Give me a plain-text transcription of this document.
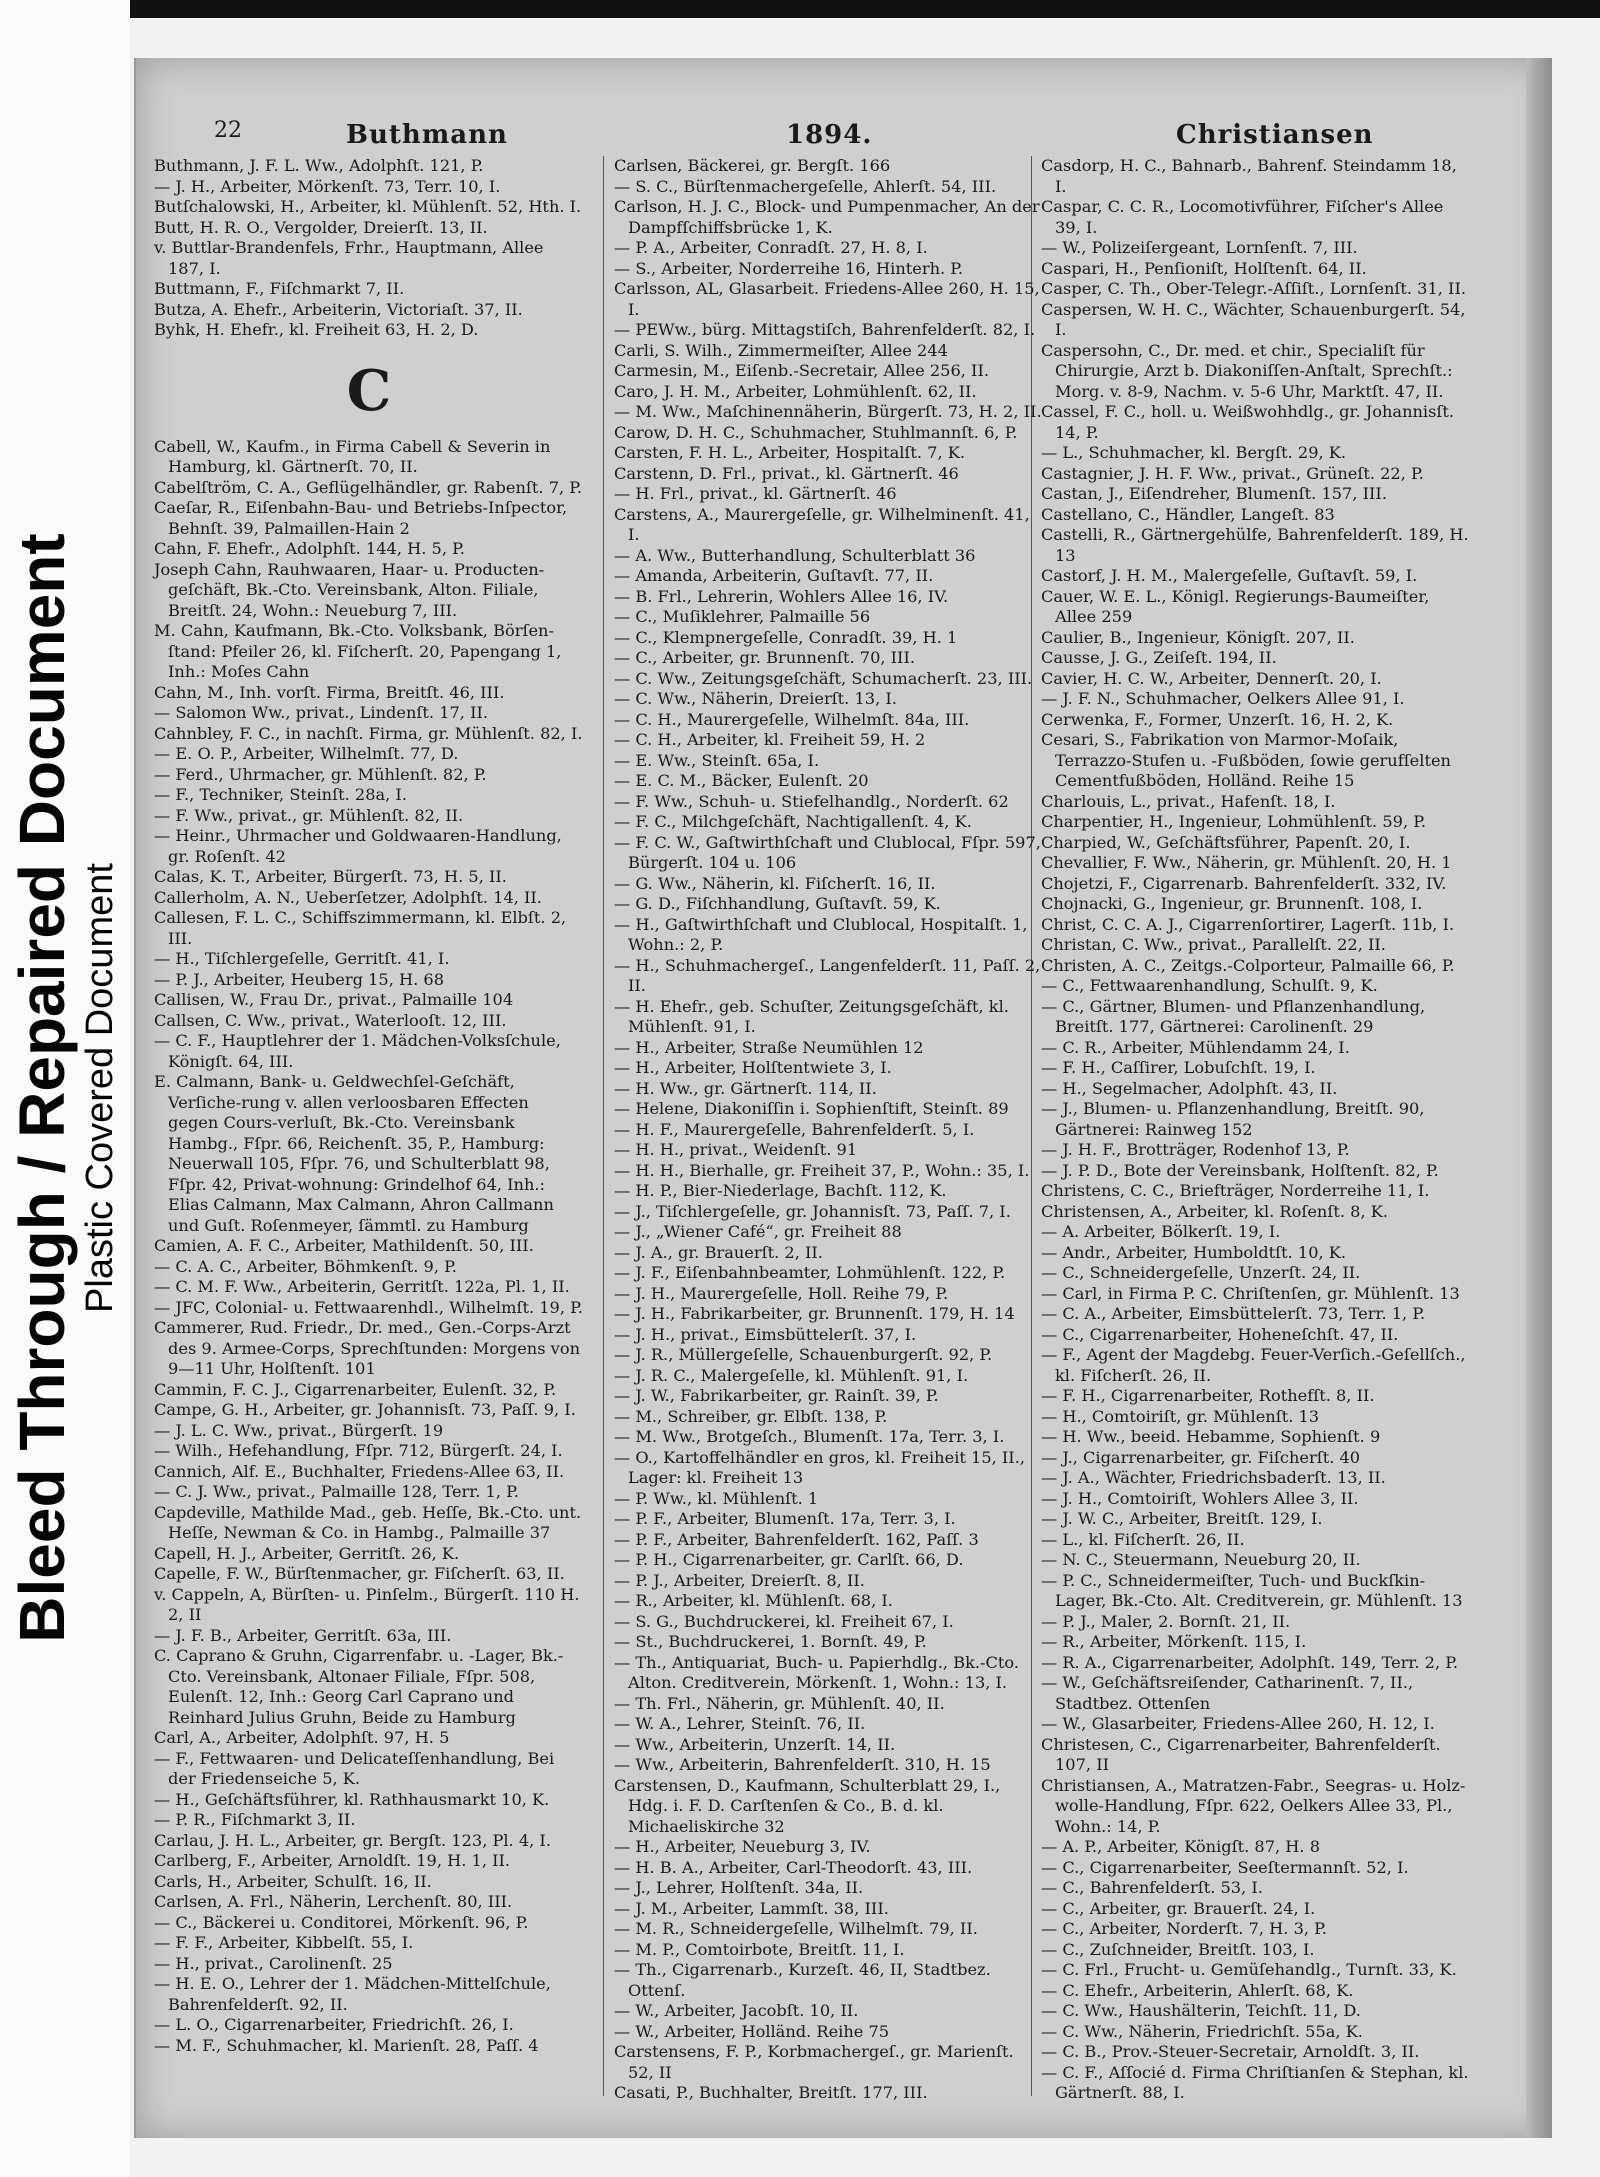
Bleed Through / Repaired Document Plastic Covered Document
22	Buthmann	1894.	Christiansen
Buthmann, J. F. L. Ww., Adolphſt. 121, P.
— J. H., Arbeiter, Mörkenſt. 73, Terr. 10, I.
Butſchalowski, H., Arbeiter, kl. Mühlenſt. 52, Hth. I.
Butt, H. R. O., Vergolder, Dreierſt. 13, II.
v. Buttlar-Brandenfels, Frhr., Hauptmann, Allee 187, I.
Buttmann, F., Fiſchmarkt 7, II.
Butza, A. Ehefr., Arbeiterin, Victoriaſt. 37, II.
Byhk, H. Ehefr., kl. Freiheit 63, H. 2, D.
C
Cabell, W., Kaufm., in Firma Cabell & Severin in Hamburg, kl. Gärtnerſt. 70, II.
Cabelſtröm, C. A., Geflügelhändler, gr. Rabenſt. 7, P.
Caeſar, R., Eiſenbahn-Bau- und Betriebs-Inſpector, Behnſt. 39, Palmaillen-Hain 2
Cahn, F. Ehefr., Adolphſt. 144, H. 5, P.
Joseph Cahn, Rauhwaaren, Haar- u. Producten-geſchäft, Bk.-Cto. Vereinsbank, Alton. Filiale, Breitſt. 24, Wohn.: Neueburg 7, III.
M. Cahn, Kaufmann, Bk.-Cto. Volksbank, Börſen-ſtand: Pfeiler 26, kl. Fiſcherſt. 20, Papengang 1, Inh.: Moſes Cahn
Cahn, M., Inh. vorſt. Firma, Breitſt. 46, III.
— Salomon Ww., privat., Lindenſt. 17, II.
Cahnbley, F. C., in nachſt. Firma, gr. Mühlenſt. 82, I.
— E. O. P., Arbeiter, Wilhelmſt. 77, D.
— Ferd., Uhrmacher, gr. Mühlenſt. 82, P.
— F., Techniker, Steinſt. 28a, I.
— F. Ww., privat., gr. Mühlenſt. 82, II.
— Heinr., Uhrmacher und Goldwaaren-Handlung, gr. Roſenſt. 42
Calas, K. T., Arbeiter, Bürgerſt. 73, H. 5, II.
Callerholm, A. N., Ueberſetzer, Adolphſt. 14, II.
Callesen, F. L. C., Schiffszimmermann, kl. Elbſt. 2, III.
— H., Tiſchlergeſelle, Gerritſt. 41, I.
— P. J., Arbeiter, Heuberg 15, H. 68
Callisen, W., Frau Dr., privat., Palmaille 104
Callsen, C. Ww., privat., Waterlooſt. 12, III.
— C. F., Hauptlehrer der 1. Mädchen-Volksſchule, Königſt. 64, III.
E. Calmann, Bank- u. Geldwechſel-Geſchäft, Verſiche-rung v. allen verloosbaren Effecten gegen Cours-verluſt, Bk.-Cto. Vereinsbank Hambg., Fſpr. 66, Reichenſt. 35, P., Hamburg: Neuerwall 105, Fſpr. 76, und Schulterblatt 98, Fſpr. 42, Privat-wohnung: Grindelhof 64, Inh.: Elias Calmann, Max Calmann, Ahron Callmann und Guſt. Roſenmeyer, ſämmtl. zu Hamburg
Camien, A. F. C., Arbeiter, Mathildenſt. 50, III.
— C. A. C., Arbeiter, Böhmkenſt. 9, P.
— C. M. F. Ww., Arbeiterin, Gerritſt. 122a, Pl. 1, II.
— JFC, Colonial- u. Fettwaarenhdl., Wilhelmſt. 19, P.
Cammerer, Rud. Friedr., Dr. med., Gen.-Corps-Arzt des 9. Armee-Corps, Sprechſtunden: Morgens von 9—11 Uhr, Holſtenſt. 101
Cammin, F. C. J., Cigarrenarbeiter, Eulenſt. 32, P.
Campe, G. H., Arbeiter, gr. Johannisſt. 73, Paſſ. 9, I.
— J. L. C. Ww., privat., Bürgerſt. 19
— Wilh., Hefehandlung, Fſpr. 712, Bürgerſt. 24, I.
Cannich, Alf. E., Buchhalter, Friedens-Allee 63, II.
— C. J. Ww., privat., Palmaille 128, Terr. 1, P.
Capdeville, Mathilde Mad., geb. Heſſe, Bk.-Cto. unt. Heſſe, Newman & Co. in Hambg., Palmaille 37
Capell, H. J., Arbeiter, Gerritſt. 26, K.
Capelle, F. W., Bürſtenmacher, gr. Fiſcherſt. 63, II.
v. Cappeln, A, Bürſten- u. Pinſelm., Bürgerſt. 110 H. 2, II
— J. F. B., Arbeiter, Gerritſt. 63a, III.
C. Caprano & Gruhn, Cigarrenfabr. u. -Lager, Bk.-Cto. Vereinsbank, Altonaer Filiale, Fſpr. 508, Eulenſt. 12, Inh.: Georg Carl Caprano und Reinhard Julius Gruhn, Beide zu Hamburg
Carl, A., Arbeiter, Adolphſt. 97, H. 5
— F., Fettwaaren- und Delicateſſenhandlung, Bei der Friedenseiche 5, K.
— H., Geſchäftsführer, kl. Rathhausmarkt 10, K.
— P. R., Fiſchmarkt 3, II.
Carlau, J. H. L., Arbeiter, gr. Bergſt. 123, Pl. 4, I.
Carlberg, F., Arbeiter, Arnoldſt. 19, H. 1, II.
Carls, H., Arbeiter, Schulſt. 16, II.
Carlsen, A. Frl., Näherin, Lerchenſt. 80, III.
— C., Bäckerei u. Conditorei, Mörkenſt. 96, P.
— F. F., Arbeiter, Kibbelſt. 55, I.
— H., privat., Carolinenſt. 25
— H. E. O., Lehrer der 1. Mädchen-Mittelſchule, Bahrenfelderſt. 92, II.
— L. O., Cigarrenarbeiter, Friedrichſt. 26, I.
— M. F., Schuhmacher, kl. Marienſt. 28, Paſſ. 4
Carlsen, Bäckerei, gr. Bergſt. 166
— S. C., Bürſtenmachergeſelle, Ahlerſt. 54, III.
Carlson, H. J. C., Block- und Pumpenmacher, An der Dampfſchiffsbrücke 1, K.
— P. A., Arbeiter, Conradſt. 27, H. 8, I.
— S., Arbeiter, Norderreihe 16, Hinterh. P.
Carlsson, AL, Glasarbeit. Friedens-Allee 260, H. 15, I.
— PEWw., bürg. Mittagstiſch, Bahrenfelderſt. 82, I.
Carli, S. Wilh., Zimmermeiſter, Allee 244
Carmesin, M., Eiſenb.-Secretair, Allee 256, II.
Caro, J. H. M., Arbeiter, Lohmühlenſt. 62, II.
— M. Ww., Maſchinennäherin, Bürgerſt. 73, H. 2, II.
Carow, D. H. C., Schuhmacher, Stuhlmannſt. 6, P.
Carsten, F. H. L., Arbeiter, Hospitalſt. 7, K.
Carstenn, D. Frl., privat., kl. Gärtnerſt. 46
— H. Frl., privat., kl. Gärtnerſt. 46
Carstens, A., Maurergeſelle, gr. Wilhelminenſt. 41, I.
— A. Ww., Butterhandlung, Schulterblatt 36
— Amanda, Arbeiterin, Guſtavſt. 77, II.
— B. Frl., Lehrerin, Wohlers Allee 16, IV.
— C., Muſiklehrer, Palmaille 56
— C., Klempnergeſelle, Conradſt. 39, H. 1
— C., Arbeiter, gr. Brunnenſt. 70, III.
— C. Ww., Zeitungsgeſchäft, Schumacherſt. 23, III.
— C. Ww., Näherin, Dreierſt. 13, I.
— C. H., Maurergeſelle, Wilhelmſt. 84a, III.
— C. H., Arbeiter, kl. Freiheit 59, H. 2
— E. Ww., Steinſt. 65a, I.
— E. C. M., Bäcker, Eulenſt. 20
— F. Ww., Schuh- u. Stiefelhandlg., Norderſt. 62
— F. C., Milchgeſchäft, Nachtigallenſt. 4, K.
— F. C. W., Gaſtwirthſchaft und Clublocal, Fſpr. 597, Bürgerſt. 104 u. 106
— G. Ww., Näherin, kl. Fiſcherſt. 16, II.
— G. D., Fiſchhandlung, Guſtavſt. 59, K.
— H., Gaſtwirthſchaft und Clublocal, Hospitalſt. 1, Wohn.: 2, P.
— H., Schuhmachergeſ., Langenfelderſt. 11, Paſſ. 2, II.
— H. Ehefr., geb. Schuſter, Zeitungsgeſchäft, kl. Mühlenſt. 91, I.
— H., Arbeiter, Straße Neumühlen 12
— H., Arbeiter, Holſtentwiete 3, I.
— H. Ww., gr. Gärtnerſt. 114, II.
— Helene, Diakoniſſin i. Sophienſtift, Steinſt. 89
— H. F., Maurergeſelle, Bahrenfelderſt. 5, I.
— H. H., privat., Weidenſt. 91
— H. H., Bierhalle, gr. Freiheit 37, P., Wohn.: 35, I.
— H. P., Bier-Niederlage, Bachſt. 112, K.
— J., Tiſchlergeſelle, gr. Johannisſt. 73, Paſſ. 7, I.
— J., „Wiener Café“, gr. Freiheit 88
— J. A., gr. Brauerſt. 2, II.
— J. F., Eiſenbahnbeamter, Lohmühlenſt. 122, P.
— J. H., Maurergeſelle, Holl. Reihe 79, P.
— J. H., Fabrikarbeiter, gr. Brunnenſt. 179, H. 14
— J. H., privat., Eimsbüttelerſt. 37, I.
— J. R., Müllergeſelle, Schauenburgerſt. 92, P.
— J. R. C., Malergeſelle, kl. Mühlenſt. 91, I.
— J. W., Fabrikarbeiter, gr. Rainſt. 39, P.
— M., Schreiber, gr. Elbſt. 138, P.
— M. Ww., Brotgeſch., Blumenſt. 17a, Terr. 3, I.
— O., Kartoffelhändler en gros, kl. Freiheit 15, II., Lager: kl. Freiheit 13
— P. Ww., kl. Mühlenſt. 1
— P. F., Arbeiter, Blumenſt. 17a, Terr. 3, I.
— P. F., Arbeiter, Bahrenfelderſt. 162, Paſſ. 3
— P. H., Cigarrenarbeiter, gr. Carlſt. 66, D.
— P. J., Arbeiter, Dreierſt. 8, II.
— R., Arbeiter, kl. Mühlenſt. 68, I.
— S. G., Buchdruckerei, kl. Freiheit 67, I.
— St., Buchdruckerei, 1. Bornſt. 49, P.
— Th., Antiquariat, Buch- u. Papierhdlg., Bk.-Cto. Alton. Creditverein, Mörkenſt. 1, Wohn.: 13, I.
— Th. Frl., Näherin, gr. Mühlenſt. 40, II.
— W. A., Lehrer, Steinſt. 76, II.
— Ww., Arbeiterin, Unzerſt. 14, II.
— Ww., Arbeiterin, Bahrenfelderſt. 310, H. 15
Carstensen, D., Kaufmann, Schulterblatt 29, I., Hdg. i. F. D. Carſtenſen & Co., B. d. kl. Michaeliskirche 32
— H., Arbeiter, Neueburg 3, IV.
— H. B. A., Arbeiter, Carl-Theodorſt. 43, III.
— J., Lehrer, Holſtenſt. 34a, II.
— J. M., Arbeiter, Lammſt. 38, III.
— M. R., Schneidergeſelle, Wilhelmſt. 79, II.
— M. P., Comtoirbote, Breitſt. 11, I.
— Th., Cigarrenarb., Kurzeſt. 46, II, Stadtbez. Ottenſ.
— W., Arbeiter, Jacobſt. 10, II.
— W., Arbeiter, Holländ. Reihe 75
Carstensens, F. P., Korbmachergeſ., gr. Marienſt. 52, II
Casati, P., Buchhalter, Breitſt. 177, III.
Casdorp, H. C., Bahnarb., Bahrenf. Steindamm 18, I.
Caspar, C. C. R., Locomotivführer, Fiſcher's Allee 39, I.
— W., Polizeiſergeant, Lornſenſt. 7, III.
Caspari, H., Penſioniſt, Holſtenſt. 64, II.
Casper, C. Th., Ober-Telegr.-Aſſiſt., Lornſenſt. 31, II.
Caspersen, W. H. C., Wächter, Schauenburgerſt. 54, I.
Caspersohn, C., Dr. med. et chir., Specialiſt für Chirurgie, Arzt b. Diakoniſſen-Anſtalt, Sprechſt.: Morg. v. 8-9, Nachm. v. 5-6 Uhr, Marktſt. 47, II.
Cassel, F. C., holl. u. Weißwohhdlg., gr. Johannisſt. 14, P.
— L., Schuhmacher, kl. Bergſt. 29, K.
Castagnier, J. H. F. Ww., privat., Grüneſt. 22, P.
Castan, J., Eiſendreher, Blumenſt. 157, III.
Castellano, C., Händler, Langeſt. 83
Castelli, R., Gärtnergehülfe, Bahrenfelderſt. 189, H. 13
Castorf, J. H. M., Malergeſelle, Guſtavſt. 59, I.
Cauer, W. E. L., Königl. Regierungs-Baumeiſter, Allee 259
Caulier, B., Ingenieur, Königſt. 207, II.
Causse, J. G., Zeiſeſt. 194, II.
Cavier, H. C. W., Arbeiter, Dennerſt. 20, I.
— J. F. N., Schuhmacher, Oelkers Allee 91, I.
Cerwenka, F., Former, Unzerſt. 16, H. 2, K.
Cesari, S., Fabrikation von Marmor-Moſaik, Terrazzo-Stufen u. -Fußböden, ſowie gerufſelten Cementfußböden, Holländ. Reihe 15
Charlouis, L., privat., Hafenſt. 18, I.
Charpentier, H., Ingenieur, Lohmühlenſt. 59, P.
Charpied, W., Geſchäftsführer, Papenſt. 20, I.
Chevallier, F. Ww., Näherin, gr. Mühlenſt. 20, H. 1
Chojetzi, F., Cigarrenarb. Bahrenfelderſt. 332, IV.
Chojnacki, G., Ingenieur, gr. Brunnenſt. 108, I.
Christ, C. C. A. J., Cigarrenſortirer, Lagerſt. 11b, I.
Christan, C. Ww., privat., Parallelſt. 22, II.
Christen, A. C., Zeitgs.-Colporteur, Palmaille 66, P.
— C., Fettwaarenhandlung, Schulſt. 9, K.
— C., Gärtner, Blumen- und Pflanzenhandlung, Breitſt. 177, Gärtnerei: Carolinenſt. 29
— C. R., Arbeiter, Mühlendamm 24, I.
— F. H., Caſſirer, Lobuſchſt. 19, I.
— H., Segelmacher, Adolphſt. 43, II.
— J., Blumen- u. Pflanzenhandlung, Breitſt. 90, Gärtnerei: Rainweg 152
— J. H. F., Brotträger, Rodenhof 13, P.
— J. P. D., Bote der Vereinsbank, Holſtenſt. 82, P.
Christens, C. C., Briefträger, Norderreihe 11, I.
Christensen, A., Arbeiter, kl. Roſenſt. 8, K.
— A. Arbeiter, Bölkerſt. 19, I.
— Andr., Arbeiter, Humboldtſt. 10, K.
— C., Schneidergeſelle, Unzerſt. 24, II.
— Carl, in Firma P. C. Chriſtenſen, gr. Mühlenſt. 13
— C. A., Arbeiter, Eimsbüttelerſt. 73, Terr. 1, P.
— C., Cigarrenarbeiter, Hoheneſchſt. 47, II.
— F., Agent der Magdebg. Feuer-Verſich.-Geſellſch., kl. Fiſcherſt. 26, II.
— F. H., Cigarrenarbeiter, Rothefſt. 8, II.
— H., Comtoiriſt, gr. Mühlenſt. 13
— H. Ww., beeid. Hebamme, Sophienſt. 9
— J., Cigarrenarbeiter, gr. Fiſcherſt. 40
— J. A., Wächter, Friedrichsbaderſt. 13, II.
— J. H., Comtoiriſt, Wohlers Allee 3, II.
— J. W. C., Arbeiter, Breitſt. 129, I.
— L., kl. Fiſcherſt. 26, II.
— N. C., Steuermann, Neueburg 20, II.
— P. C., Schneidermeiſter, Tuch- und Buckſkin-Lager, Bk.-Cto. Alt. Creditverein, gr. Mühlenſt. 13
— P. J., Maler, 2. Bornſt. 21, II.
— R., Arbeiter, Mörkenſt. 115, I.
— R. A., Cigarrenarbeiter, Adolphſt. 149, Terr. 2, P.
— W., Geſchäftsreiſender, Catharinenſt. 7, II., Stadtbez. Ottenſen
— W., Glasarbeiter, Friedens-Allee 260, H. 12, I.
Christesen, C., Cigarrenarbeiter, Bahrenfelderſt. 107, II
Christiansen, A., Matratzen-Fabr., Seegras- u. Holz-wolle-Handlung, Fſpr. 622, Oelkers Allee 33, Pl., Wohn.: 14, P.
— A. P., Arbeiter, Königſt. 87, H. 8
— C., Cigarrenarbeiter, Seeſtermannſt. 52, I.
— C., Bahrenfelderſt. 53, I.
— C., Arbeiter, gr. Brauerſt. 24, I.
— C., Arbeiter, Norderſt. 7, H. 3, P.
— C., Zuſchneider, Breitſt. 103, I.
— C. Frl., Frucht- u. Gemüſehandlg., Turnſt. 33, K.
— C. Ehefr., Arbeiterin, Ahlerſt. 68, K.
— C. Ww., Haushälterin, Teichſt. 11, D.
— C. Ww., Näherin, Friedrichſt. 55a, K.
— C. B., Prov.-Steuer-Secretair, Arnoldſt. 3, II.
— C. F., Aſſocié d. Firma Chriſtianſen & Stephan, kl. Gärtnerſt. 88, I.
